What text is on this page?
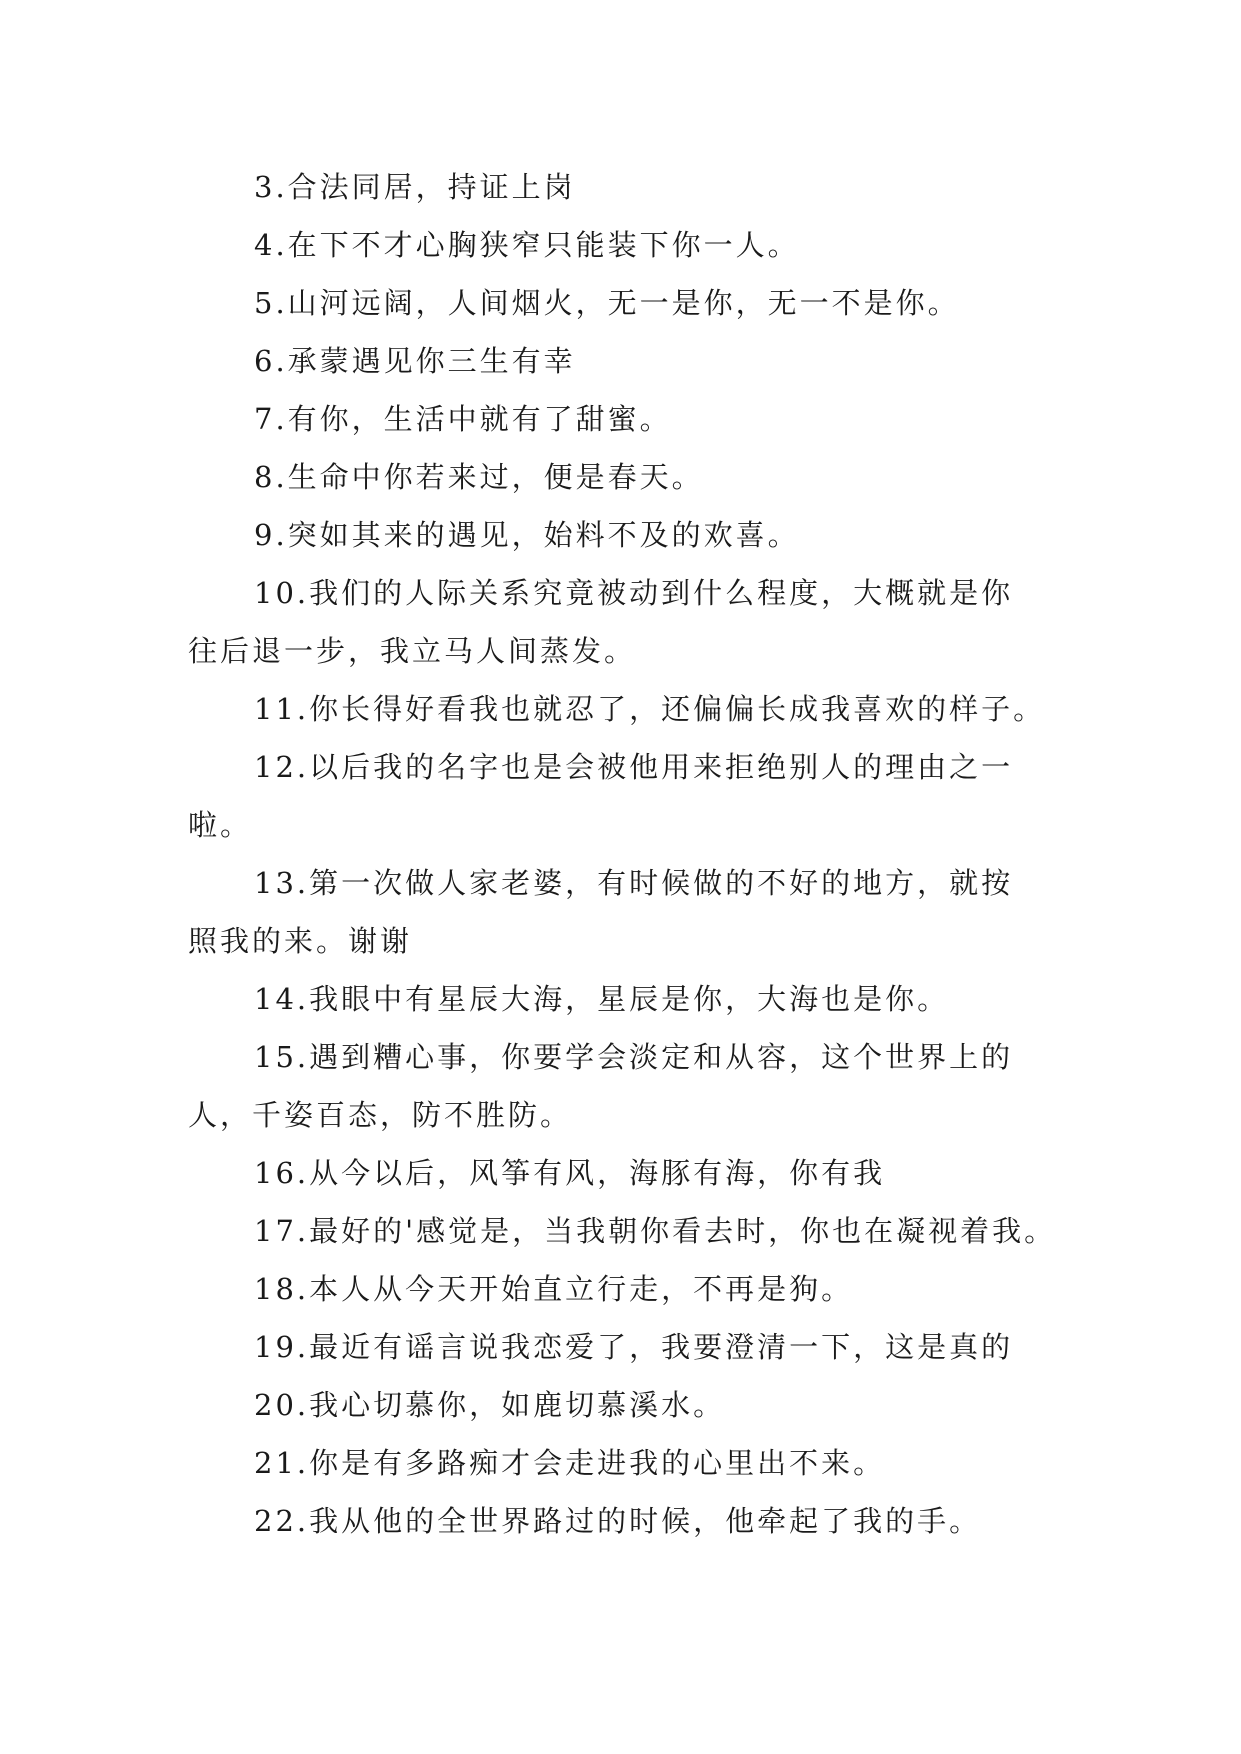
3.合法同居，持证上岗
4.在下不才心胸狭窄只能装下你一人。
5.山河远阔，人间烟火，无一是你，无一不是你。
6.承蒙遇见你三生有幸
7.有你，生活中就有了甜蜜。
8.生命中你若来过，便是春天。
9.突如其来的遇见，始料不及的欢喜。
10.我们的人际关系究竟被动到什么程度，大概就是你
往后退一步，我立马人间蒸发。
11.你长得好看我也就忍了，还偏偏长成我喜欢的样子。
12.以后我的名字也是会被他用来拒绝别人的理由之一
啦。
13.第一次做人家老婆，有时候做的不好的地方，就按
照我的来。谢谢
14.我眼中有星辰大海，星辰是你，大海也是你。
15.遇到糟心事，你要学会淡定和从容，这个世界上的
人，千姿百态，防不胜防。
16.从今以后，风筝有风，海豚有海，你有我
17.最好的'感觉是，当我朝你看去时，你也在凝视着我。
18.本人从今天开始直立行走，不再是狗。
19.最近有谣言说我恋爱了，我要澄清一下，这是真的
20.我心切慕你，如鹿切慕溪水。
21.你是有多路痴才会走进我的心里出不来。
22.我从他的全世界路过的时候，他牵起了我的手。
